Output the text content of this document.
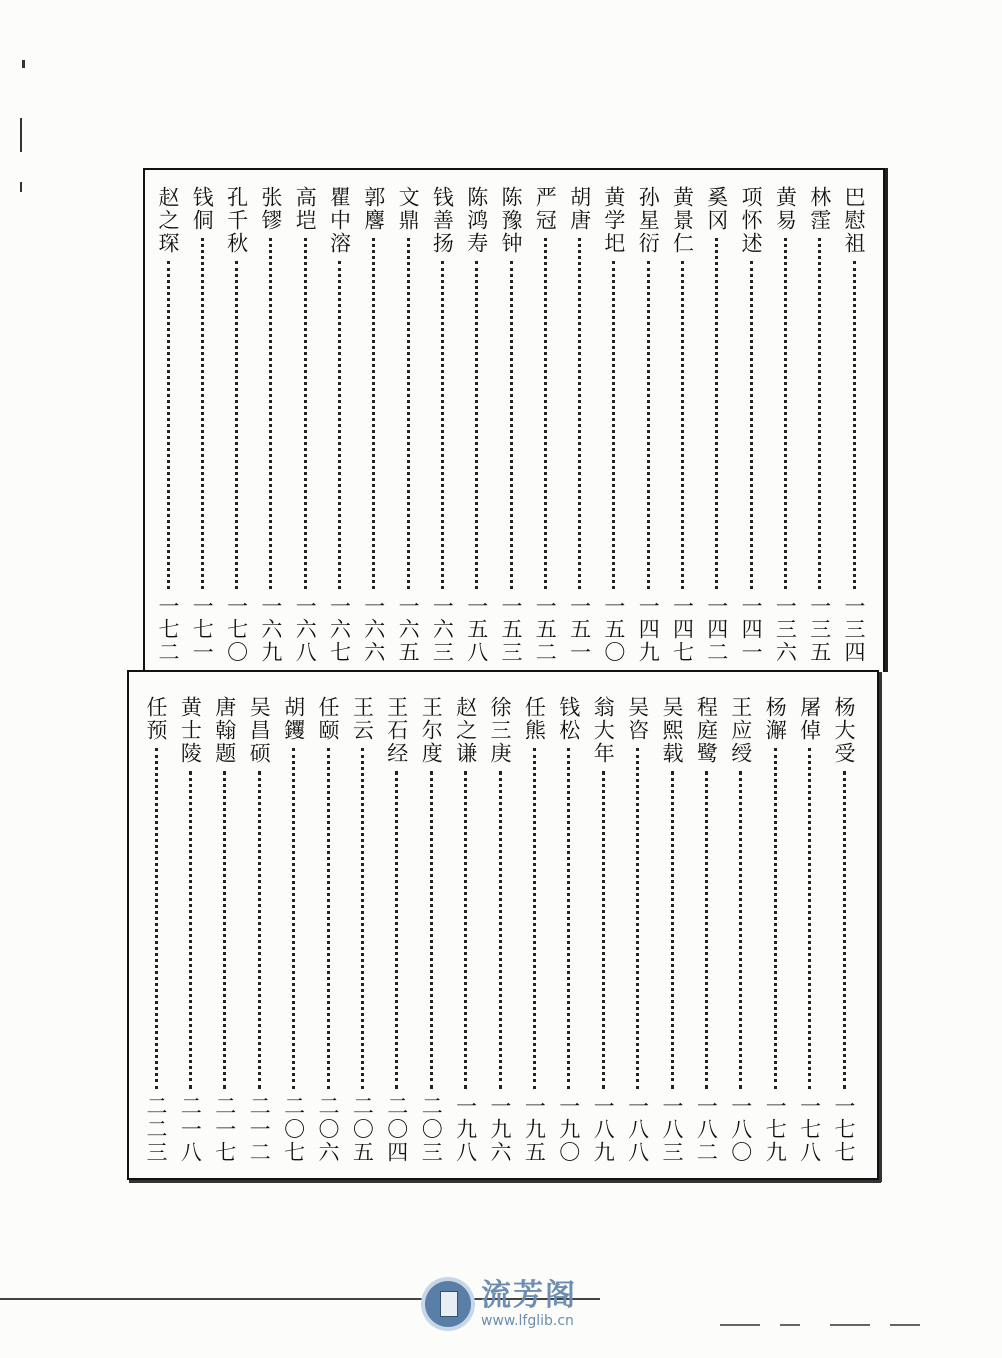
巴慰祖
一三四
林霔
一三五
黄易
一三六
项怀述
一四一
奚冈
一四二
黄景仁
一四七
孙星衍
一四九
黄学圯
一五〇
胡唐
一五一
严冠
一五二
陈豫钟
一五三
陈鸿寿
一五八
钱善扬
一六三
文鼎
一六五
郭麐
一六六
瞿中溶
一六七
高垲
一六八
张镠
一六九
孔千秋
一七〇
钱侗
一七一
赵之琛
一七二
杨大受
一七七
屠倬
一七八
杨澥
一七九
王应绶
一八〇
程庭鹭
一八二
吴熙载
一八三
吴咨
一八八
翁大年
一八九
钱松
一九〇
任熊
一九五
徐三庚
一九六
赵之谦
一九八
王尔度
二〇三
王石经
二〇四
王云
二〇五
任颐
二〇六
胡钁
二〇七
吴昌硕
二一二
唐翰题
二一七
黄士陵
二一八
任预
二二三
流芳阁
www.lfglib.cn
